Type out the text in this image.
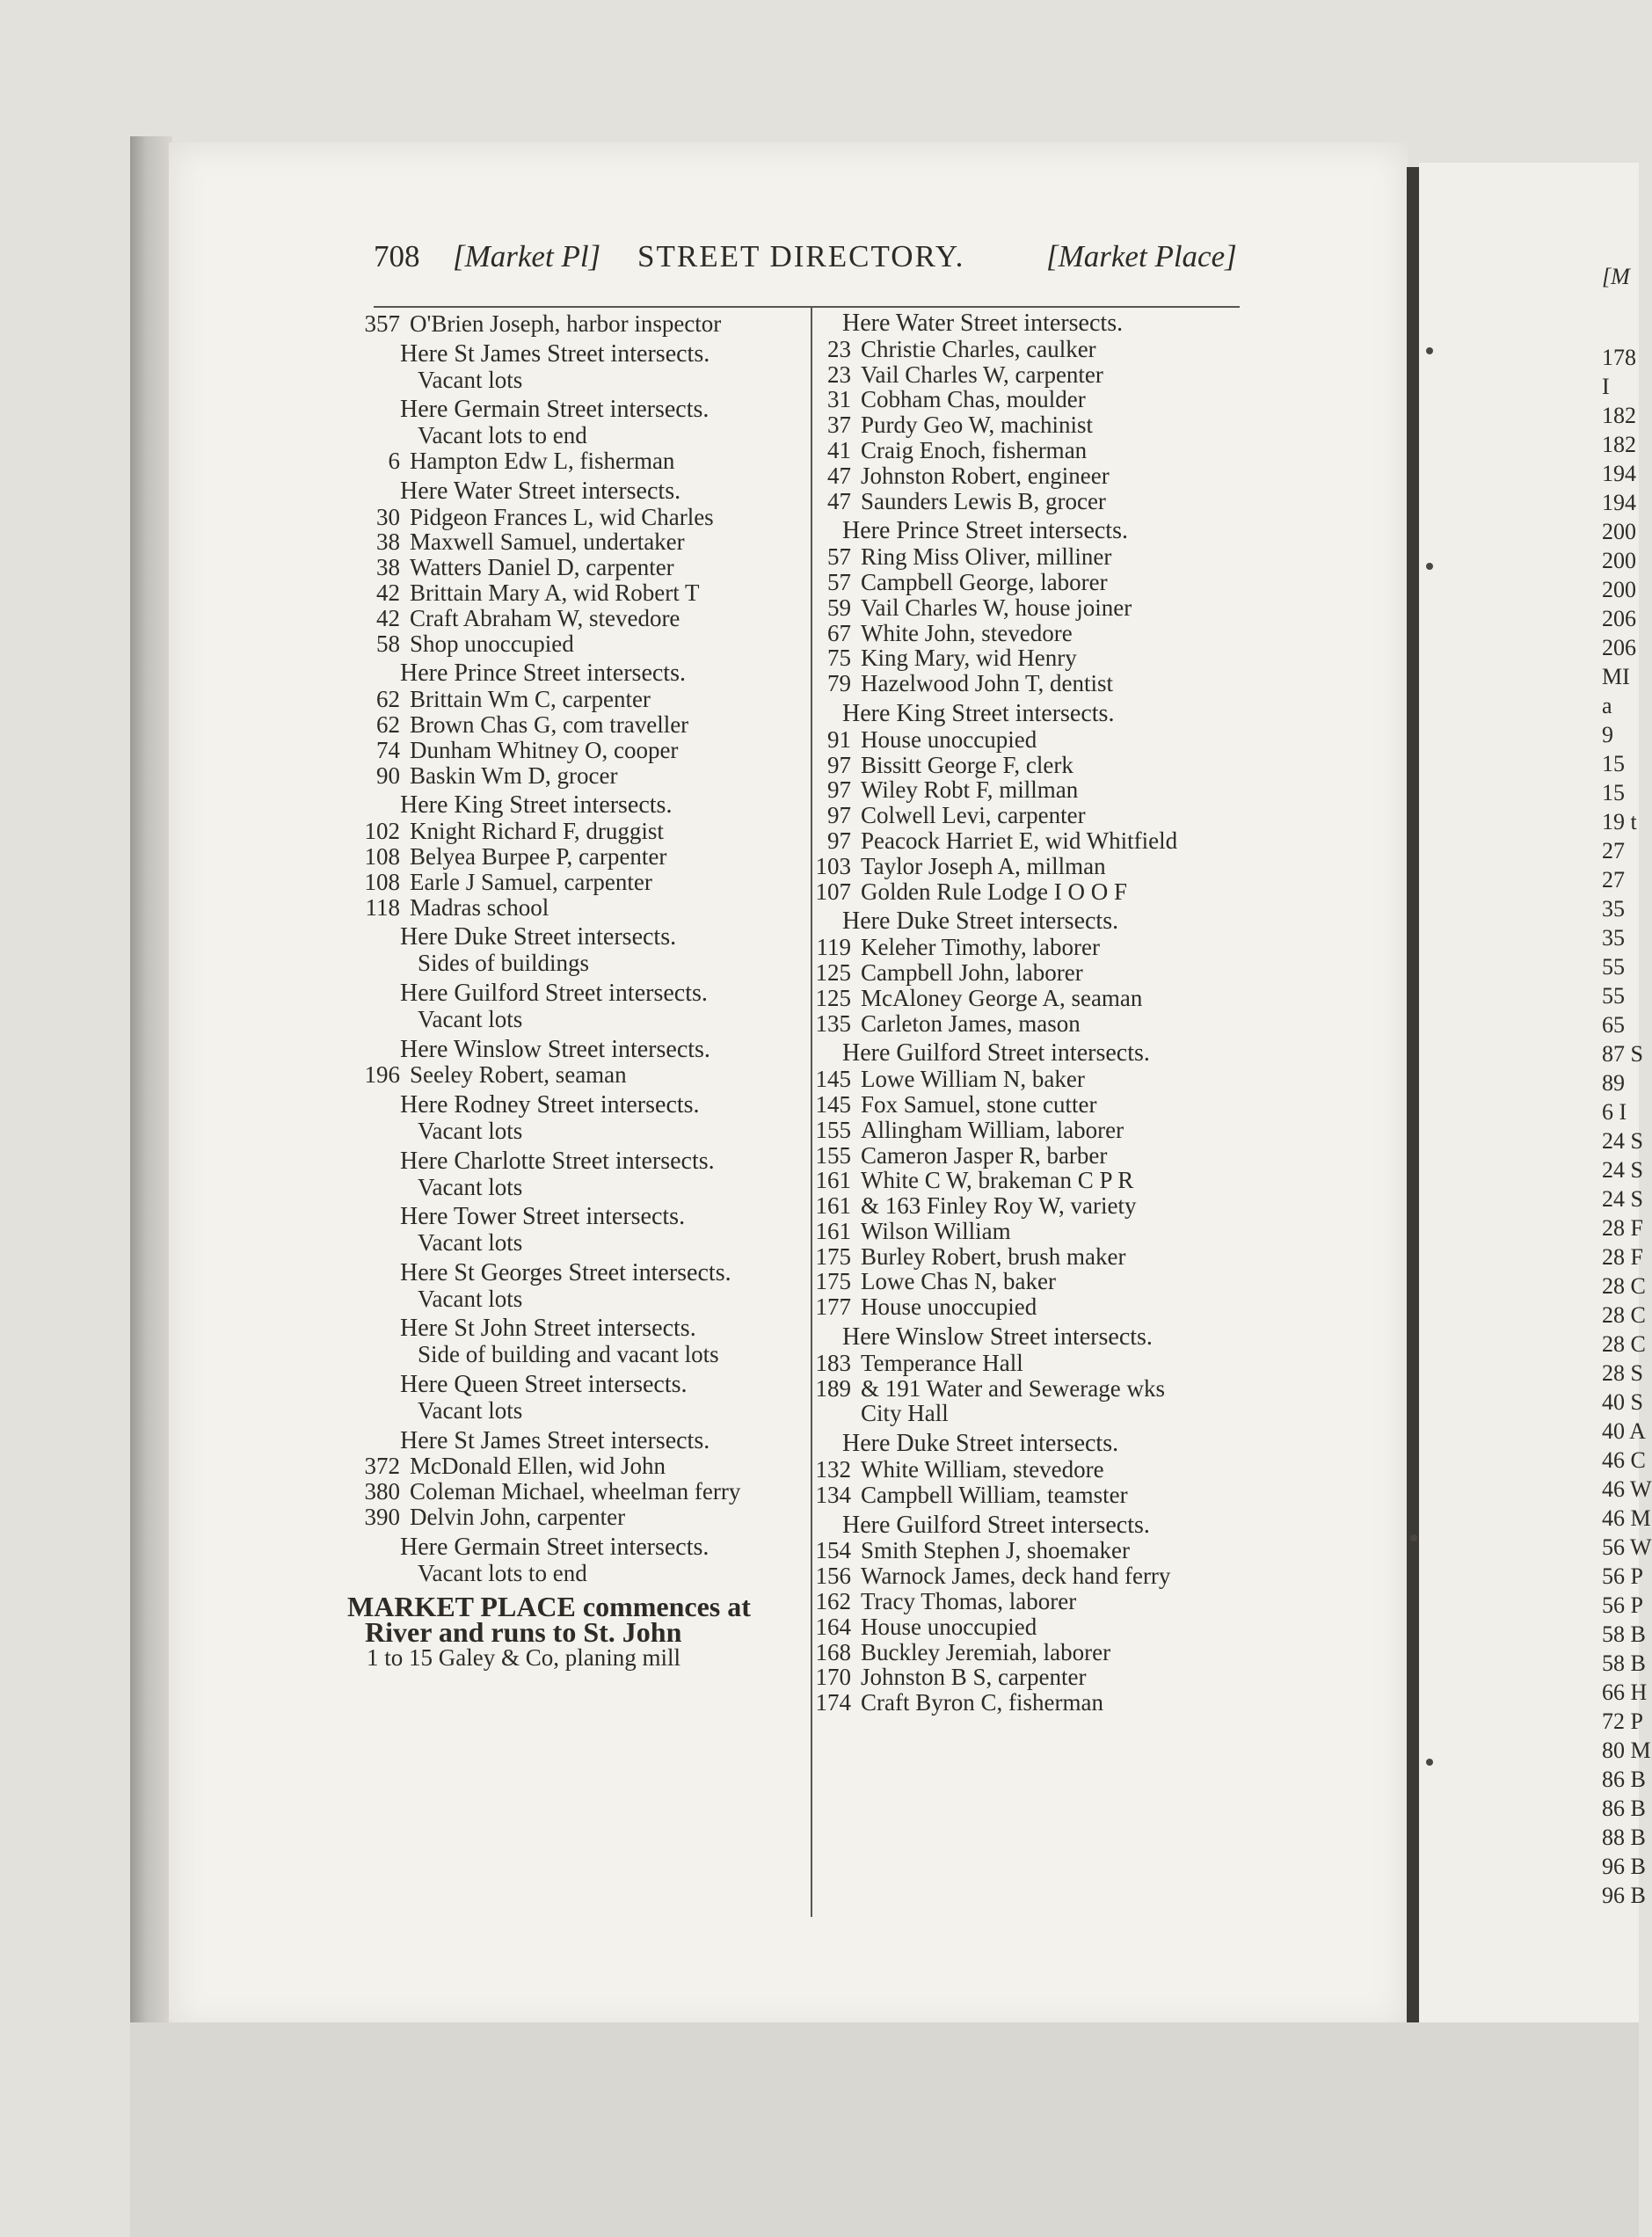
708 [Market Pl] STREET DIRECTORY.	[Market Place]
357 O'Brien Joseph, harbor inspector
Here St James Street intersects.
Vacant lots
Here Germain Street intersects.
Vacant lots to end
6 Hampton Edw L, fisherman
Here Water Street intersects.
30 Pidgeon Frances L, wid Charles
38 Maxwell Samuel, undertaker
38 Watters Daniel D, carpenter
42 Brittain Mary A, wid Robert T
42 Craft Abraham W, stevedore
58 Shop unoccupied
Here Prince Street intersects.
62 Brittain Wm C, carpenter
62 Brown Chas G, com traveller
74 Dunham Whitney O, cooper
90 Baskin Wm D, grocer
Here King Street intersects.
102 Knight Richard F, druggist
108 Belyea Burpee P, carpenter
108 Earle J Samuel, carpenter
118 Madras school
Here Duke Street intersects.
Sides of buildings
Here Guilford Street intersects.
Vacant lots
Here Winslow Street intersects.
196 Seeley Robert, seaman
Here Rodney Street intersects.
Vacant lots
Here Charlotte Street intersects.
Vacant lots
Here Tower Street intersects.
Vacant lots
Here St Georges Street intersects.
Vacant lots
Here St John Street intersects.
Side of building and vacant lots
Here Queen Street intersects.
Vacant lots
Here St James Street intersects.
372 McDonald Ellen, wid John
380 Coleman Michael, wheelman ferry
390 Delvin John, carpenter
Here Germain Street intersects.
Vacant lots to end
MARKET PLACE commences at
River and runs to St. John
1 to 15 Galey & Co, planing mill
Here Water Street intersects.
23 Christie Charles, caulker
23 Vail Charles W, carpenter
31 Cobham Chas, moulder
37 Purdy Geo W, machinist
41 Craig Enoch, fisherman
47 Johnston Robert, engineer
47 Saunders Lewis B, grocer
Here Prince Street intersects.
57 Ring Miss Oliver, milliner
57 Campbell George, laborer
59 Vail Charles W, house joiner
67 White John, stevedore
75 King Mary, wid Henry
79 Hazelwood John T, dentist
Here King Street intersects.
91 House unoccupied
97 Bissitt George F, clerk
97 Wiley Robt F, millman
97 Colwell Levi, carpenter
97 Peacock Harriet E, wid Whitfield
103 Taylor Joseph A, millman
107 Golden Rule Lodge I O O F
Here Duke Street intersects.
119 Keleher Timothy, laborer
125 Campbell John, laborer
125 McAloney George A, seaman
135 Carleton James, mason
Here Guilford Street intersects.
145 Lowe William N, baker
145 Fox Samuel, stone cutter
155 Allingham William, laborer
155 Cameron Jasper R, barber
161 White C W, brakeman C P R
161 & 163 Finley Roy W, variety
161 Wilson William
175 Burley Robert, brush maker
175 Lowe Chas N, baker
177 House unoccupied
Here Winslow Street intersects.
183 Temperance Hall
189 & 191 Water and Sewerage wks
City Hall
Here Duke Street intersects.
132 White William, stevedore
134 Campbell William, teamster
Here Guilford Street intersects.
154 Smith Stephen J, shoemaker
156 Warnock James, deck hand ferry
162 Tracy Thomas, laborer
164 House unoccupied
168 Buckley Jeremiah, laborer
170 Johnston B S, carpenter
174 Craft Byron C, fisherman
[M
178
I
182
182
194
194
200
200
200
206
206
MI
a
9
15
15
19 t
27
27
35
35
55
55
65
87 S
89
6 I
24 S
24 S
24 S
28 F
28 F
28 C
28 C
28 C
28 S
40 S
40 A
46 C
46 W
46 M
56 W
56 P
56 P
58 B
58 B
66 H
72 P
80 M
86 B
86 B
88 B
96 B
96 B
